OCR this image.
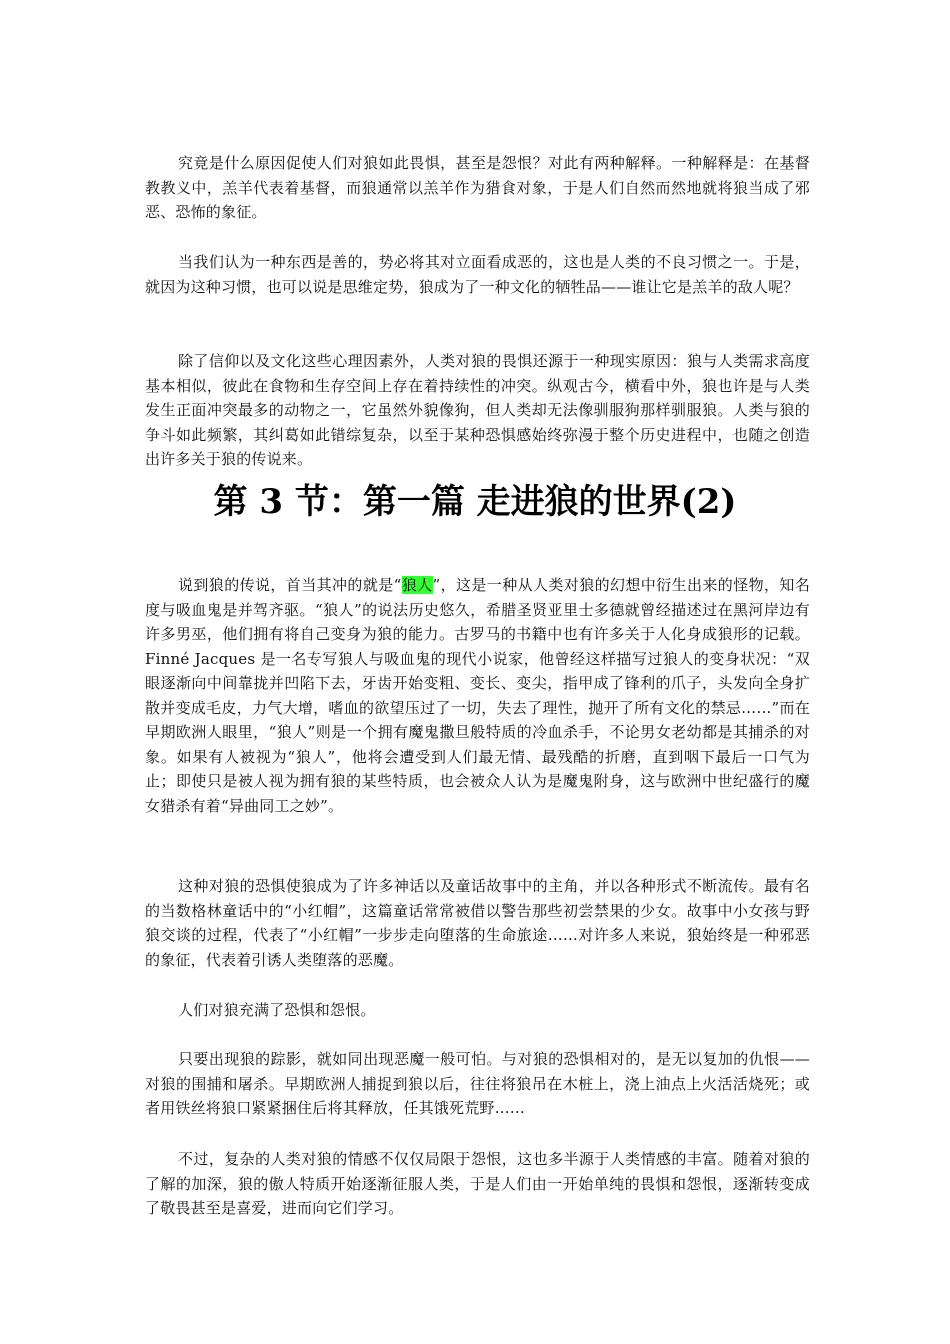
究竟是什么原因促使人们对狼如此畏惧，甚至是怨恨？对此有两种解释。一种解释是：在基督教教义中，羔羊代表着基督，而狼通常以羔羊作为猎食对象，于是人们自然而然地就将狼当成了邪恶、恐怖的象征。

当我们认为一种东西是善的，势必将其对立面看成恶的，这也是人类的不良习惯之一。于是，就因为这种习惯，也可以说是思维定势，狼成为了一种文化的牺牲品——谁让它是羔羊的敌人呢？

除了信仰以及文化这些心理因素外，人类对狼的畏惧还源于一种现实原因：狼与人类需求高度基本相似，彼此在食物和生存空间上存在着持续性的冲突。纵观古今，横看中外，狼也许是与人类发生正面冲突最多的动物之一，它虽然外貌像狗，但人类却无法像驯服狗那样驯服狼。人类与狼的争斗如此频繁，其纠葛如此错综复杂，以至于某种恐惧感始终弥漫于整个历史进程中，也随之创造出许多关于狼的传说来。

第 3 节：第一篇 走进狼的世界(2)

说到狼的传说，首当其冲的就是“狼人”，这是一种从人类对狼的幻想中衍生出来的怪物，知名度与吸血鬼是并驾齐驱。“狼人”的说法历史悠久，希腊圣贤亚里士多德就曾经描述过在黑河岸边有许多男巫，他们拥有将自己变身为狼的能力。古罗马的书籍中也有许多关于人化身成狼形的记载。Finné Jacques 是一名专写狼人与吸血鬼的现代小说家，他曾经这样描写过狼人的变身状况：“双眼逐渐向中间靠拢并凹陷下去，牙齿开始变粗、变长、变尖，指甲成了锋利的爪子，头发向全身扩散并变成毛皮，力气大增，嗜血的欲望压过了一切，失去了理性，抛开了所有文化的禁忌……”而在早期欧洲人眼里，“狼人”则是一个拥有魔鬼撒旦般特质的冷血杀手，不论男女老幼都是其捕杀的对象。如果有人被视为“狼人”，他将会遭受到人们最无情、最残酷的折磨，直到咽下最后一口气为止；即使只是被人视为拥有狼的某些特质，也会被众人认为是魔鬼附身，这与欧洲中世纪盛行的魔女猎杀有着“异曲同工之妙”。

这种对狼的恐惧使狼成为了许多神话以及童话故事中的主角，并以各种形式不断流传。最有名的当数格林童话中的“小红帽”，这篇童话常常被借以警告那些初尝禁果的少女。故事中小女孩与野狼交谈的过程，代表了“小红帽”一步步走向堕落的生命旅途……对许多人来说，狼始终是一种邪恶的象征，代表着引诱人类堕落的恶魔。

人们对狼充满了恐惧和怨恨。

只要出现狼的踪影，就如同出现恶魔一般可怕。与对狼的恐惧相对的，是无以复加的仇恨——对狼的围捕和屠杀。早期欧洲人捕捉到狼以后，往往将狼吊在木桩上，浇上油点上火活活烧死；或者用铁丝将狼口紧紧捆住后将其释放，任其饿死荒野……

不过，复杂的人类对狼的情感不仅仅局限于怨恨，这也多半源于人类情感的丰富。随着对狼的了解的加深，狼的傲人特质开始逐渐征服人类，于是人们由一开始单纯的畏惧和怨恨，逐渐转变成了敬畏甚至是喜爱，进而向它们学习。
